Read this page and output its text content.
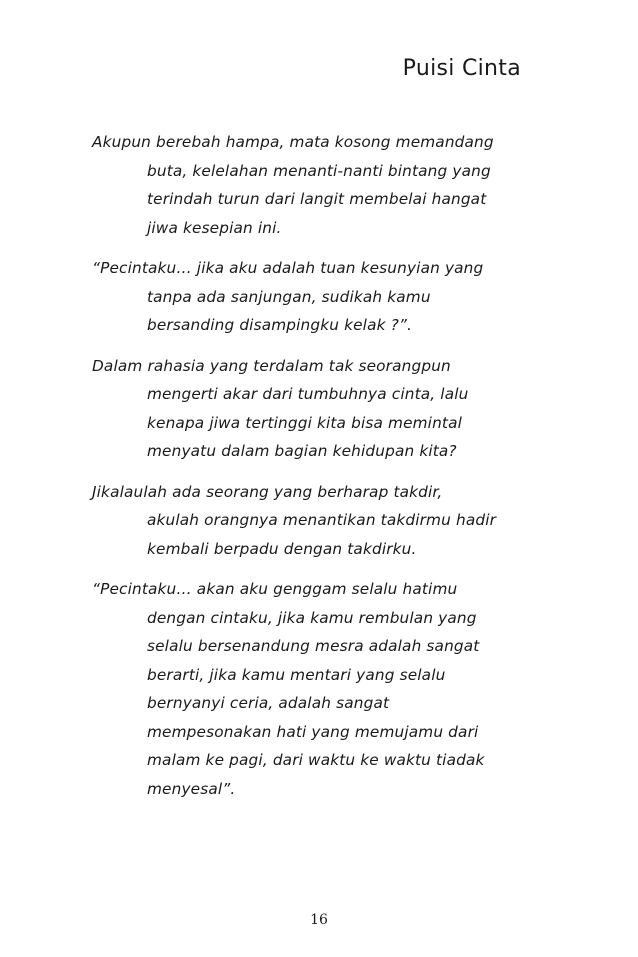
Puisi Cinta

Akupun berebah hampa, mata kosong memandang
buta, kelelahan menanti-nanti bintang yang
terindah turun dari langit membelai hangat
jiwa kesepian ini.

“Pecintaku… jika aku adalah tuan kesunyian yang
tanpa ada sanjungan, sudikah kamu
bersanding disampingku kelak ?”.

Dalam rahasia yang terdalam tak seorangpun
mengerti akar dari tumbuhnya cinta, lalu
kenapa jiwa tertinggi kita bisa memintal
menyatu dalam bagian kehidupan kita?

Jikalaulah ada seorang yang berharap takdir,
akulah orangnya menantikan takdirmu hadir
kembali berpadu dengan takdirku.

“Pecintaku… akan aku genggam selalu hatimu
dengan cintaku, jika kamu rembulan yang
selalu bersenandung mesra adalah sangat
berarti, jika kamu mentari yang selalu
bernyanyi ceria, adalah sangat
mempesonakan hati yang memujamu dari
malam ke pagi, dari waktu ke waktu tiadak
menyesal”.

16
